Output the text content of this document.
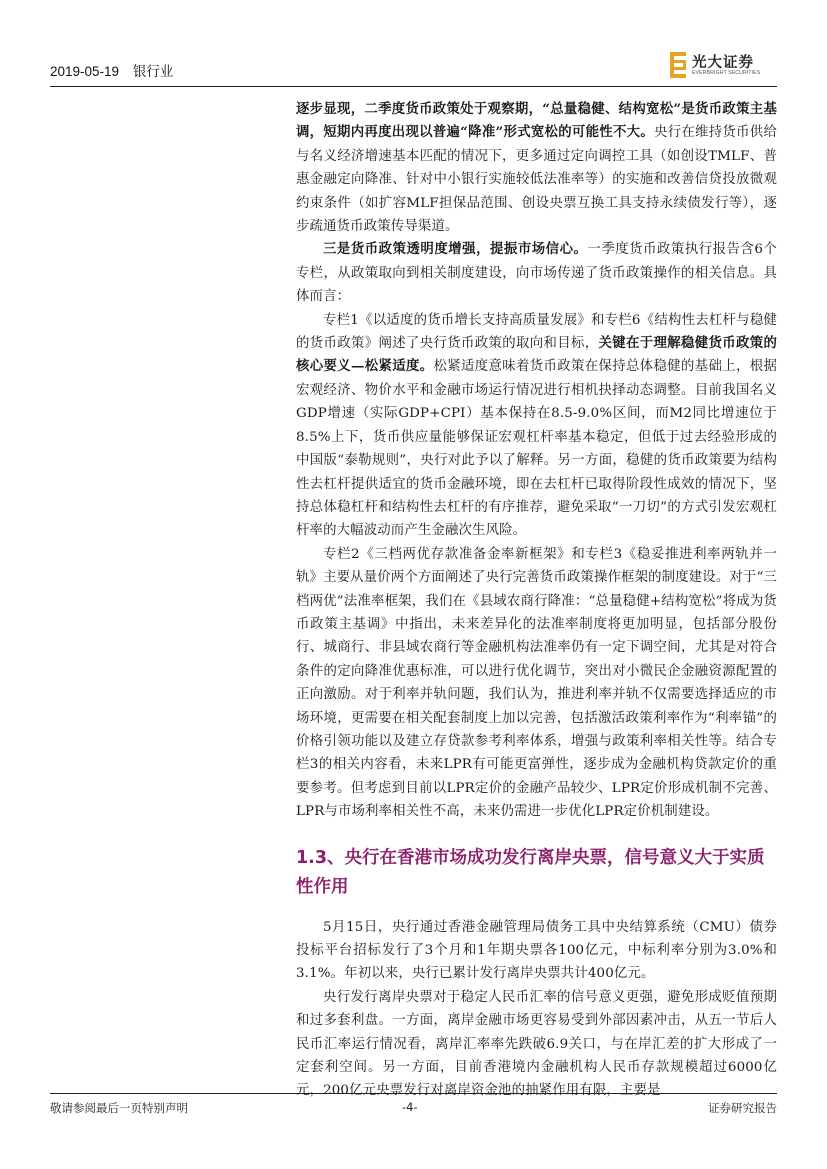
2019-05-19 银行业
光大证券
EVERBRIGHT SECURITIES

逐步显现，二季度货币政策处于观察期，“总量稳健、结构宽松”是货币政策主基调，短期内再度出现以普遍“降准”形式宽松的可能性不大。央行在维持货币供给与名义经济增速基本匹配的情况下，更多通过定向调控工具（如创设TMLF、普惠金融定向降准、针对中小银行实施较低法准率等）的实施和改善信贷投放微观约束条件（如扩容MLF担保品范围、创设央票互换工具支持永续债发行等），逐步疏通货币政策传导渠道。

三是货币政策透明度增强，提振市场信心。一季度货币政策执行报告含6个专栏，从政策取向到相关制度建设，向市场传递了货币政策操作的相关信息。具体而言：

专栏1《以适度的货币增长支持高质量发展》和专栏6《结构性去杠杆与稳健的货币政策》阐述了央行货币政策的取向和目标，关键在于理解稳健货币政策的核心要义—松紧适度。松紧适度意味着货币政策在保持总体稳健的基础上，根据宏观经济、物价水平和金融市场运行情况进行相机抉择动态调整。目前我国名义GDP增速（实际GDP+CPI）基本保持在8.5-9.0%区间，而M2同比增速位于8.5%上下，货币供应量能够保证宏观杠杆率基本稳定，但低于过去经验形成的中国版“泰勒规则”，央行对此予以了解释。另一方面，稳健的货币政策要为结构性去杠杆提供适宜的货币金融环境，即在去杠杆已取得阶段性成效的情况下，坚持总体稳杠杆和结构性去杠杆的有序推荐，避免采取“一刀切”的方式引发宏观杠杆率的大幅波动而产生金融次生风险。

专栏2《三档两优存款准备金率新框架》和专栏3《稳妥推进利率两轨并一轨》主要从量价两个方面阐述了央行完善货币政策操作框架的制度建设。对于“三档两优”法准率框架，我们在《县域农商行降准：“总量稳健+结构宽松”将成为货币政策主基调》中指出，未来差异化的法准率制度将更加明显，包括部分股份行、城商行、非县域农商行等金融机构法准率仍有一定下调空间，尤其是对符合条件的定向降准优惠标准，可以进行优化调节，突出对小微民企金融资源配置的正向激励。对于利率并轨问题，我们认为，推进利率并轨不仅需要选择适应的市场环境，更需要在相关配套制度上加以完善，包括激活政策利率作为“利率锚”的价格引领功能以及建立存贷款参考利率体系，增强与政策利率相关性等。结合专栏3的相关内容看，未来LPR有可能更富弹性，逐步成为金融机构贷款定价的重要参考。但考虑到目前以LPR定价的金融产品较少、LPR定价形成机制不完善、LPR与市场利率相关性不高，未来仍需进一步优化LPR定价机制建设。

1.3、央行在香港市场成功发行离岸央票，信号意义大于实质性作用

5月15日，央行通过香港金融管理局债务工具中央结算系统（CMU）债券投标平台招标发行了3个月和1年期央票各100亿元，中标利率分别为3.0%和3.1%。年初以来，央行已累计发行离岸央票共计400亿元。

央行发行离岸央票对于稳定人民币汇率的信号意义更强，避免形成贬值预期和过多套利盘。一方面，离岸金融市场更容易受到外部因素冲击，从五一节后人民币汇率运行情况看，离岸汇率率先跌破6.9关口，与在岸汇差的扩大形成了一定套利空间。另一方面，目前香港境内金融机构人民币存款规模超过6000亿元，200亿元央票发行对离岸资金池的抽紧作用有限，主要是

敬请参阅最后一页特别声明	-4-	证券研究报告
